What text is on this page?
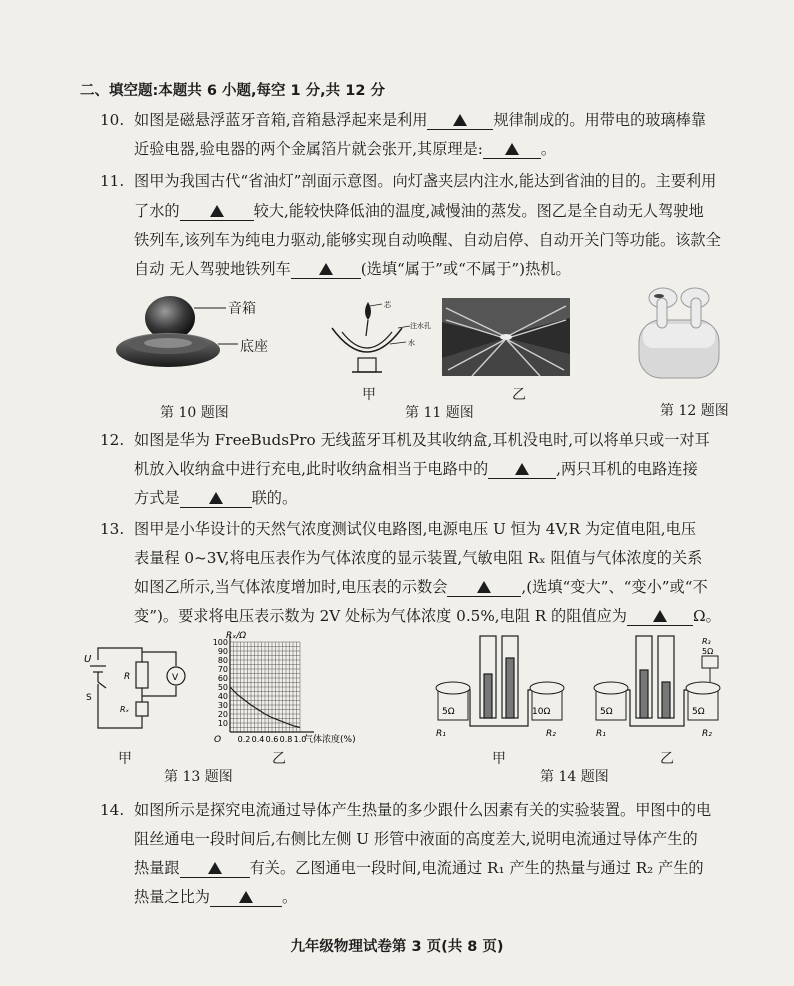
二、填空题:本题共 6 小题,每空 1 分,共 12 分
10. 如图是磁悬浮蓝牙音箱,音箱悬浮起来是利用	规律制成的。用带电的玻璃棒靠
近验电器,验电器的两个金属箔片就会张开,其原理是:	。
11. 图甲为我国古代“省油灯”剖面示意图。向灯盏夹层内注水,能达到省油的目的。主要利用
了水的	较大,能较快降低油的温度,减慢油的蒸发。图乙是全自动无人驾驶地
铁列车,该列车为纯电力驱动,能够实现自动唤醒、自动启停、自动开关门等功能。该款全
自动 无人驾驶地铁列车	(选填“属于”或“不属于”)热机。
音箱
底座
第 10 题图
芯
注水孔
水
甲	乙
第 11 题图	第 12 题图
12. 如图是华为 FreeBudsPro 无线蓝牙耳机及其收纳盒,耳机没电时,可以将单只或一对耳
机放入收纳盒中进行充电,此时收纳盒相当于电路中的	,两只耳机的电路连接
方式是	联的。
13. 图甲是小华设计的天然气浓度测试仪电路图,电源电压 U 恒为 4V,R 为定值电阻,电压
表量程 0~3V,将电压表作为气体浓度的显示装置,气敏电阻 Rₓ 阻值与气体浓度的关系
如图乙所示,当气体浓度增加时,电压表的示数会	,(选填“变大”、“变小”或“不
变”)。要求将电压表示数为 2V 处标为气体浓度 0.5%,电阻 R 的阻值应为	Ω。
U
S
R
Rₓ
V
甲
10
20
30
40
50
60
70
80
90
100
0.2 0.4 0.6 0.8 1.0
Rₓ/Ω
气体浓度(%)
O
乙
第 13 题图
5Ω	10Ω
R₁	R₂
甲
5Ω	5Ω
5Ω
R₃
R₁	R₂
乙
第 14 题图
14. 如图所示是探究电流通过导体产生热量的多少跟什么因素有关的实验装置。甲图中的电
阻丝通电一段时间后,右侧比左侧 U 形管中液面的高度差大,说明电流通过导体产生的
热量跟	有关。乙图通电一段时间,电流通过 R₁ 产生的热量与通过 R₂ 产生的
热量之比为	。
九年级物理试卷第 3 页(共 8 页)
